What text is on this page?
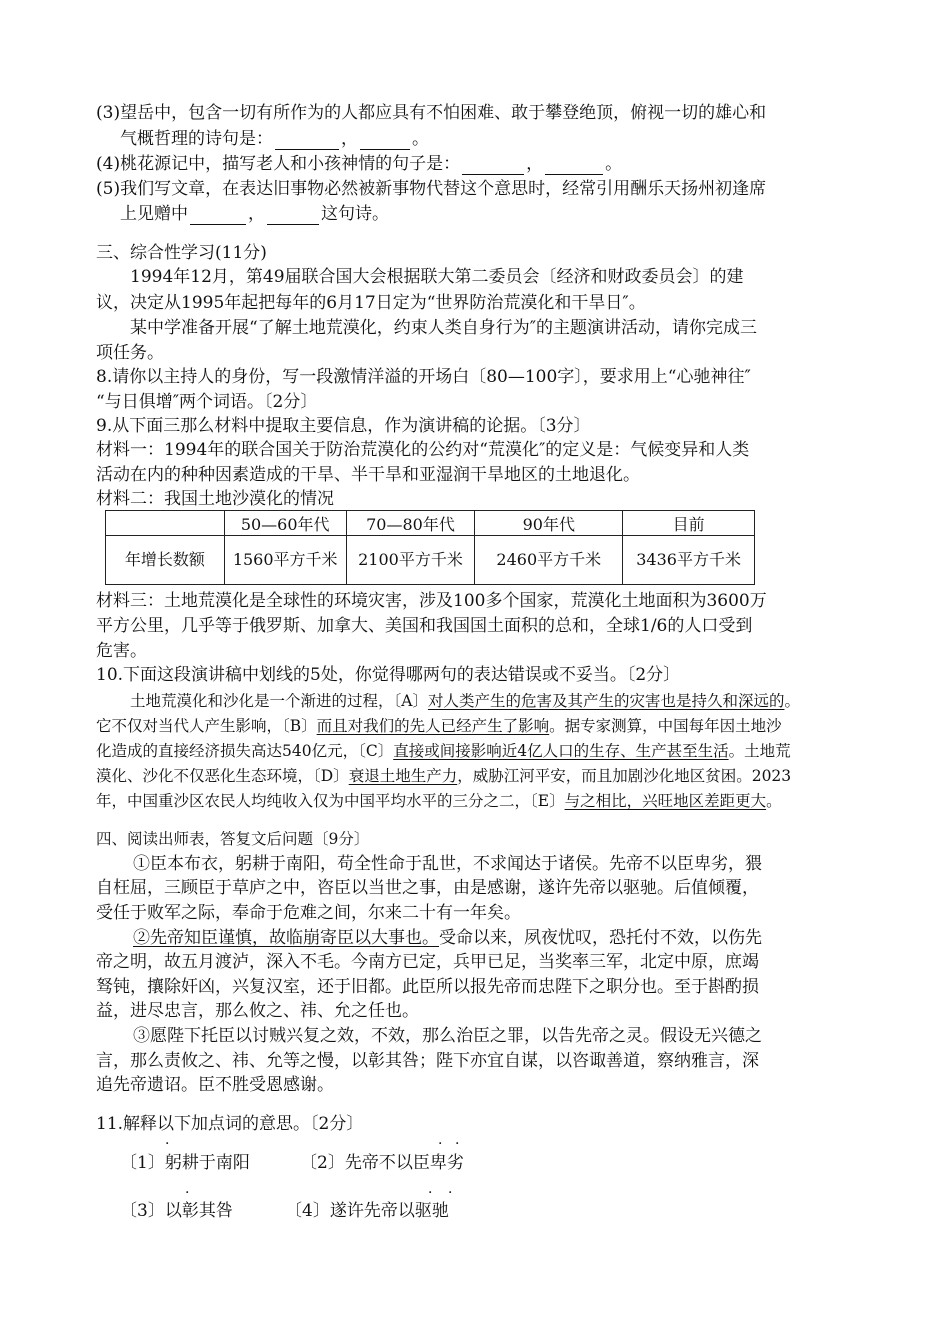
(3)望岳中，包含一切有所作为的人都应具有不怕困难、敢于攀登绝顶，俯视一切的雄心和
气概哲理的诗句是：	，	。
(4)桃花源记中，描写老人和小孩神情的句子是：	，	。
(5)我们写文章，在表达旧事物必然被新事物代替这个意思时，经常引用酬乐天扬州初逢席
上见赠中	，	这句诗。
三、综合性学习(11分)
1994年12月，第49届联合国大会根据联大第二委员会〔经济和财政委员会〕的建
议，决定从1995年起把每年的6月17日定为“世界防治荒漠化和干旱日″。
某中学准备开展“了解土地荒漠化，约束人类自身行为″的主题演讲活动，请你完成三
项任务。
8.请你以主持人的身份，写一段激情洋溢的开场白〔80—100字〕，要求用上“心驰神往″
“与日俱增″两个词语。〔2分〕
9.从下面三那么材料中提取主要信息，作为演讲稿的论据。〔3分〕
材料一：1994年的联合国关于防治荒漠化的公约对“荒漠化″的定义是：气候变异和人类
活动在内的种种因素造成的干旱、半干旱和亚湿润干旱地区的土地退化。
材料二：我国土地沙漠化的情况
	50—60年代	70—80年代	90年代	目前
年增长数额	1560平方千米	2100平方千米	2460平方千米	3436平方千米
材料三：土地荒漠化是全球性的环境灾害，涉及100多个国家，荒漠化土地面积为3600万
平方公里，几乎等于俄罗斯、加拿大、美国和我国国土面积的总和，全球1/6的人口受到
危害。
10.下面这段演讲稿中划线的5处，你觉得哪两句的表达错误或不妥当。〔2分〕
土地荒漠化和沙化是一个渐进的过程，〔A〕对人类产生的危害及其产生的灾害也是持久和深远的。
它不仅对当代人产生影响，〔B〕而且对我们的先人已经产生了影响。据专家测算，中国每年因土地沙
化造成的直接经济损失高达540亿元，〔C〕直接或间接影响近4亿人口的生存、生产甚至生活。土地荒
漠化、沙化不仅恶化生态环境，〔D〕衰退土地生产力，威胁江河平安，而且加剧沙化地区贫困。2023
年，中国重沙区农民人均纯收入仅为中国平均水平的三分之二，〔E〕与之相比，兴旺地区差距更大。
四、阅读出师表，答复文后问题〔9分〕
①臣本布衣，躬耕于南阳，苟全性命于乱世，不求闻达于诸侯。先帝不以臣卑劣，猥
自枉屈，三顾臣于草庐之中，咨臣以当世之事，由是感谢，遂许先帝以驱驰。后值倾覆，
受任于败军之际，奉命于危难之间，尔来二十有一年矣。
②先帝知臣谨慎，故临崩寄臣以大事也。受命以来，夙夜忧叹，恐托付不效，以伤先
帝之明，故五月渡泸，深入不毛。今南方已定，兵甲已足，当奖率三军，北定中原，庶竭
驽钝，攘除奸凶，兴复汉室，还于旧都。此臣所以报先帝而忠陛下之职分也。至于斟酌损
益，进尽忠言，那么攸之、祎、允之任也。
③愿陛下托臣以讨贼兴复之效，不效，那么治臣之罪，以告先帝之灵。假设无兴德之
言，那么责攸之、祎、允等之慢，以彰其咎；陛下亦宜自谋，以咨诹善道，察纳雅言，深
追先帝遗诏。臣不胜受恩感谢。
11.解释以下加点词的意思。〔2分〕
·	· ·
〔1〕躬耕于南阳	〔2〕先帝不以臣卑劣
·	· ·
〔3〕以彰其咎	〔4〕遂许先帝以驱驰
